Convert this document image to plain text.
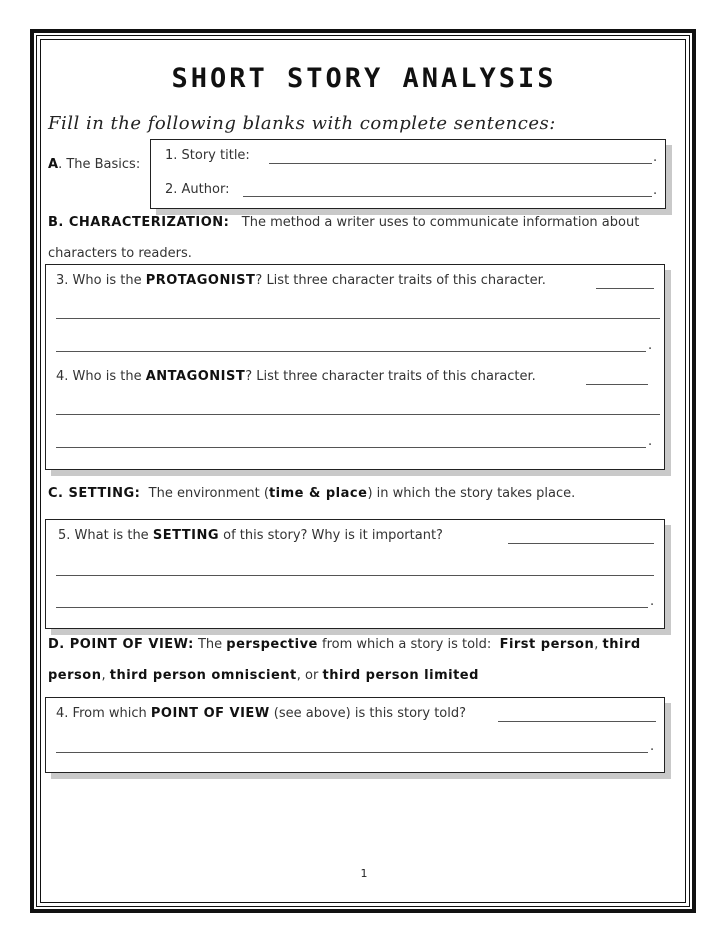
SHORT STORY ANALYSIS
Fill in the following blanks with complete sentences:
A. The Basics:
1. Story title:	.
2. Author:	.
B. CHARACTERIZATION: The method a writer uses to communicate information about
characters to readers.
3. Who is the PROTAGONIST? List three character traits of this character.
.
4. Who is the ANTAGONIST? List three character traits of this character.
.
C. SETTING: The environment (time & place) in which the story takes place.
5. What is the SETTING of this story? Why is it important?
.
D. POINT OF VIEW: The perspective from which a story is told: First person, third
person, third person omniscient, or third person limited
4. From which POINT OF VIEW (see above) is this story told?
.
1
